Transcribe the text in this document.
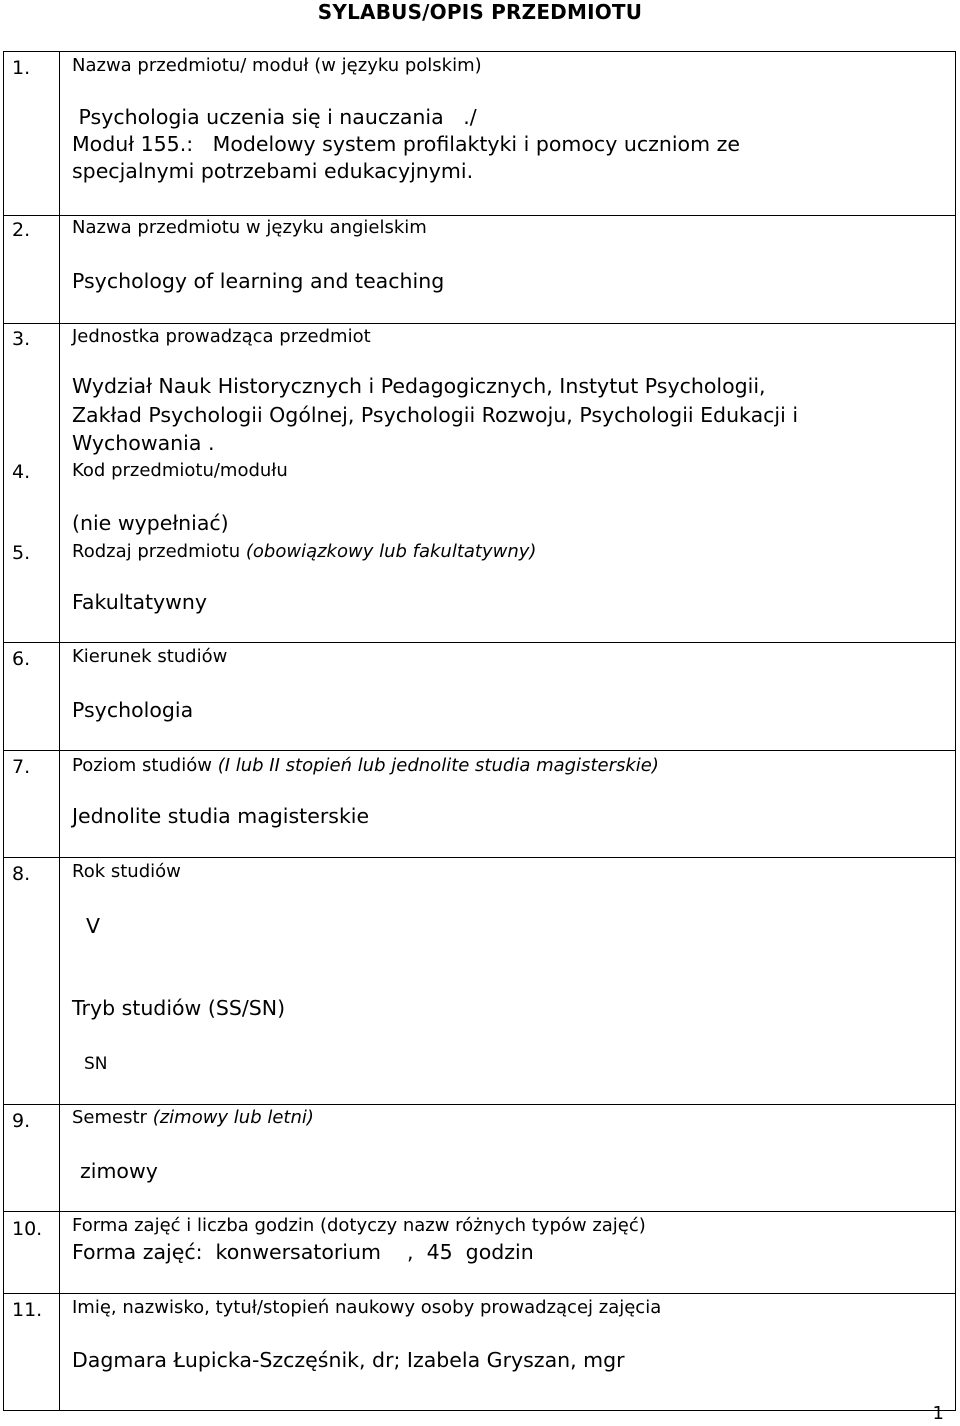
SYLABUS/OPIS PRZEDMIOTU
1. Nazwa przedmiotu/ moduł (w języku polskim)
Psychologia uczenia się i nauczania   ./
Moduł 155.:   Modelowy system profilaktyki i pomocy uczniom ze
specjalnymi potrzebami edukacyjnymi.
2. Nazwa przedmiotu w języku angielskim
Psychology of learning and teaching
3. Jednostka prowadząca przedmiot
Wydział Nauk Historycznych i Pedagogicznych, Instytut Psychologii,
Zakład Psychologii Ogólnej, Psychologii Rozwoju, Psychologii Edukacji i
Wychowania .
4. Kod przedmiotu/modułu
(nie wypełniać)
5. Rodzaj przedmiotu (obowiązkowy lub fakultatywny)
Fakultatywny
6. Kierunek studiów
Psychologia
7. Poziom studiów (I lub II stopień lub jednolite studia magisterskie)
Jednolite studia magisterskie
8. Rok studiów
V
Tryb studiów (SS/SN)
SN
9. Semestr (zimowy lub letni)
zimowy
10. Forma zajęć i liczba godzin (dotyczy nazw różnych typów zajęć)
Forma zajęć:  konwersatorium    ,  45  godzin
11. Imię, nazwisko, tytuł/stopień naukowy osoby prowadzącej zajęcia
Dagmara Łupicka-Szczęśnik, dr; Izabela Gryszan, mgr
1
